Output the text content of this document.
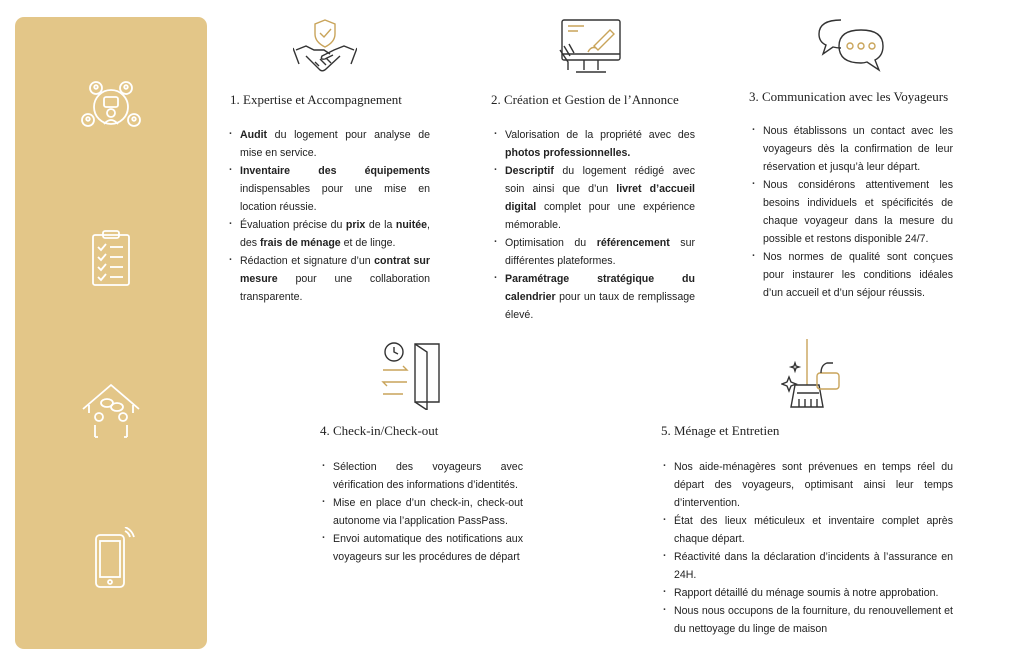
1. Expertise et Accompagnement
· Audit du logement pour analyse de mise en service.
· Inventaire des équipements indispensables pour une mise en location réussie.
· Évaluation précise du prix de la nuitée, des frais de ménage et de linge.
· Rédaction et signature d’un contrat sur mesure pour une collaboration transparente.
2. Création et Gestion de l’Annonce
· Valorisation de la propriété avec des photos professionnelles.
· Descriptif du logement rédigé avec soin ainsi que d’un livret d’accueil digital complet pour une expérience mémorable.
· Optimisation du référencement sur différentes plateformes.
· Paramétrage stratégique du calendrier pour un taux de remplissage élevé.
3. Communication avec les Voyageurs
· Nous établissons un contact avec les voyageurs dès la confirmation de leur réservation et jusqu’à leur départ.
· Nous considérons attentivement les besoins individuels et spécificités de chaque voyageur dans la mesure du possible et restons disponible 24/7.
· Nos normes de qualité sont conçues pour instaurer les conditions idéales d’un accueil et d’un séjour réussis.
4. Check-in/Check-out
· Sélection des voyageurs avec vérification des informations d’identités.
· Mise en place d’un check-in, check-out autonome via l’application PassPass.
· Envoi automatique des notifications aux voyageurs sur les procédures de départ
5. Ménage et Entretien
· Nos aide-ménagères sont prévenues en temps réel du départ des voyageurs, optimisant ainsi leur temps d’intervention.
· État des lieux méticuleux et inventaire complet après chaque départ.
· Réactivité dans la déclaration d’incidents à l’assurance en 24H.
· Rapport détaillé du ménage soumis à notre approbation.
· Nous nous occupons de la fourniture, du renouvellement et du nettoyage du linge de maison
